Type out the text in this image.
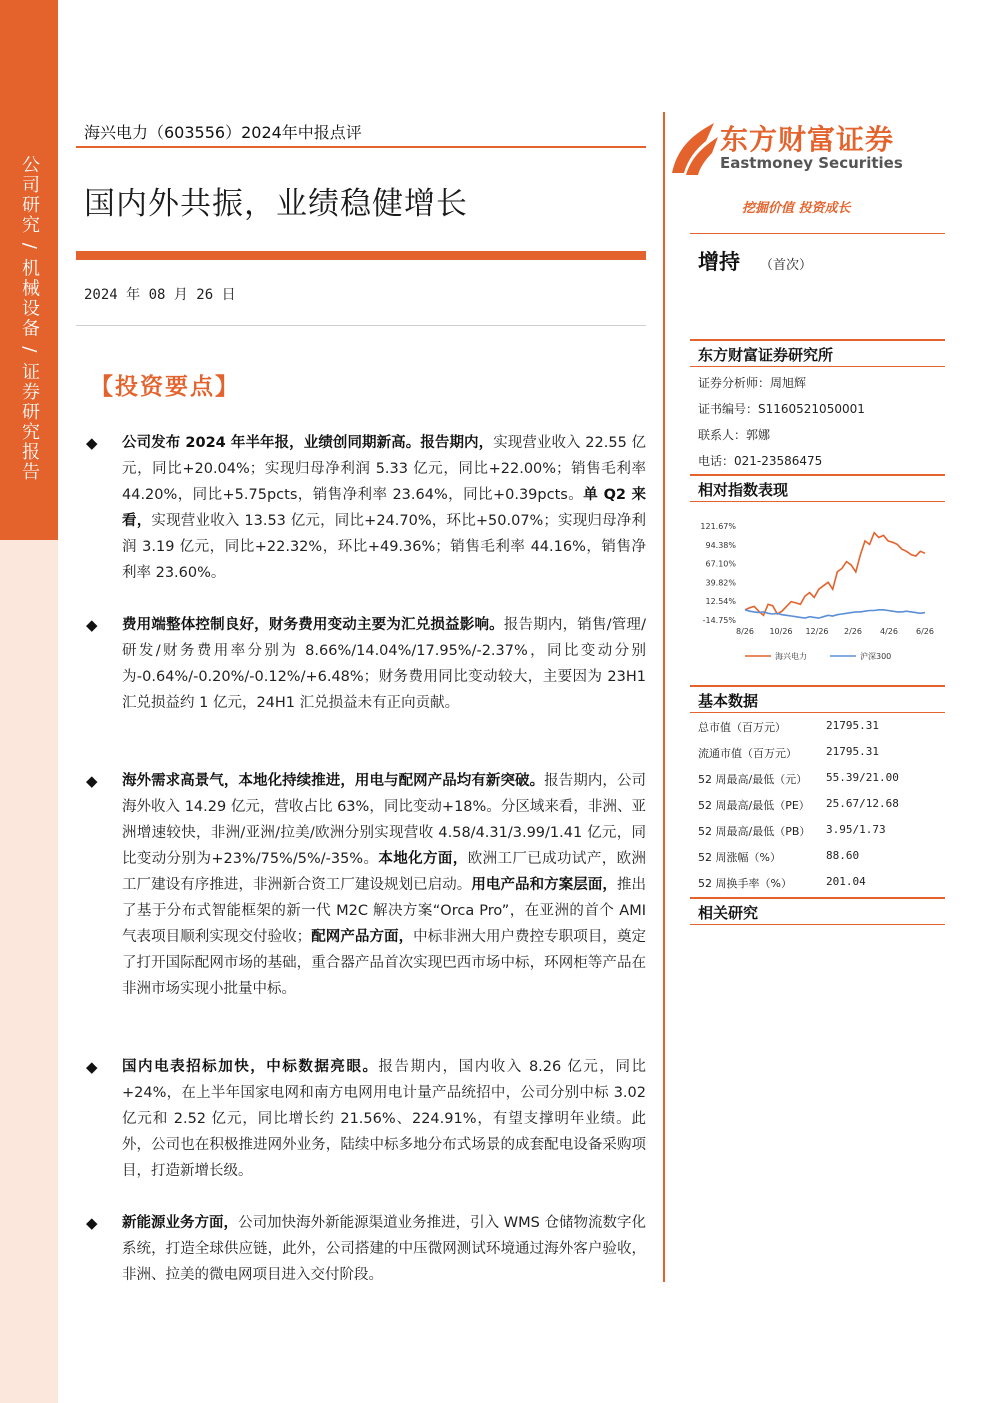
公司研究 / 机械设备 / 证券研究报告
海兴电力（603556）2024年中报点评
国内外共振，业绩稳健增长
2024 年 08 月 26 日
【投资要点】
◆ 公司发布 2024 年半年报，业绩创同期新高。报告期内，实现营业收入 22.55 亿元，同比+20.04%；实现归母净利润 5.33 亿元，同比+22.00%；销售毛利率 44.20%，同比+5.75pcts，销售净利率 23.64%，同比+0.39pcts。单 Q2 来看，实现营业收入 13.53 亿元，同比+24.70%，环比+50.07%；实现归母净利润 3.19 亿元，同比+22.32%，环比+49.36%；销售毛利率 44.16%，销售净利率 23.60%。
◆ 费用端整体控制良好，财务费用变动主要为汇兑损益影响。报告期内，销售/管理/研发/财务费用率分别为 8.66%/14.04%/17.95%/-2.37%，同比变动分别为-0.64%/-0.20%/-0.12%/+6.48%；财务费用同比变动较大，主要因为 23H1 汇兑损益约 1 亿元，24H1 汇兑损益未有正向贡献。
◆ 海外需求高景气，本地化持续推进，用电与配网产品均有新突破。报告期内，公司海外收入 14.29 亿元，营收占比 63%，同比变动+18%。分区域来看，非洲、亚洲增速较快，非洲/亚洲/拉美/欧洲分别实现营收 4.58/4.31/3.99/1.41 亿元，同比变动分别为+23%/75%/5%/-35%。本地化方面，欧洲工厂已成功试产，欧洲工厂建设有序推进，非洲新合资工厂建设规划已启动。用电产品和方案层面，推出了基于分布式智能框架的新一代 M2C 解决方案“Orca Pro”，在亚洲的首个 AMI 气表项目顺利实现交付验收；配网产品方面，中标非洲大用户费控专职项目，奠定了打开国际配网市场的基础，重合器产品首次实现巴西市场中标，环网柜等产品在非洲市场实现小批量中标。
◆ 国内电表招标加快，中标数据亮眼。报告期内，国内收入 8.26 亿元，同比+24%，在上半年国家电网和南方电网用电计量产品统招中，公司分别中标 3.02 亿元和 2.52 亿元，同比增长约 21.56%、224.91%，有望支撑明年业绩。此外，公司也在积极推进网外业务，陆续中标多地分布式场景的成套配电设备采购项目，打造新增长级。
◆ 新能源业务方面，公司加快海外新能源渠道业务推进，引入 WMS 仓储物流数字化系统，打造全球供应链，此外，公司搭建的中压微网测试环境通过海外客户验收，非洲、拉美的微电网项目进入交付阶段。
东方财富证券
Eastmoney Securities
挖掘价值 投资成长
增持 （首次）
东方财富证券研究所
证券分析师：周旭辉
证书编号：S1160521050001
联系人：郭娜
电话：021-23586475
相对指数表现
121.67%
94.38%
67.10%
39.82%
12.54%
-14.75%
8/26 10/26 12/26 2/26 4/26 6/26
海兴电力	沪深300
基本数据
总市值（百万元）	21795.31
流通市值（百万元）	21795.31
52 周最高/最低（元） 55.39/21.00
52 周最高/最低（PE） 25.67/12.68
52 周最高/最低（PB） 3.95/1.73
52 周涨幅（%）	88.60
52 周换手率（%）	201.04
相关研究
